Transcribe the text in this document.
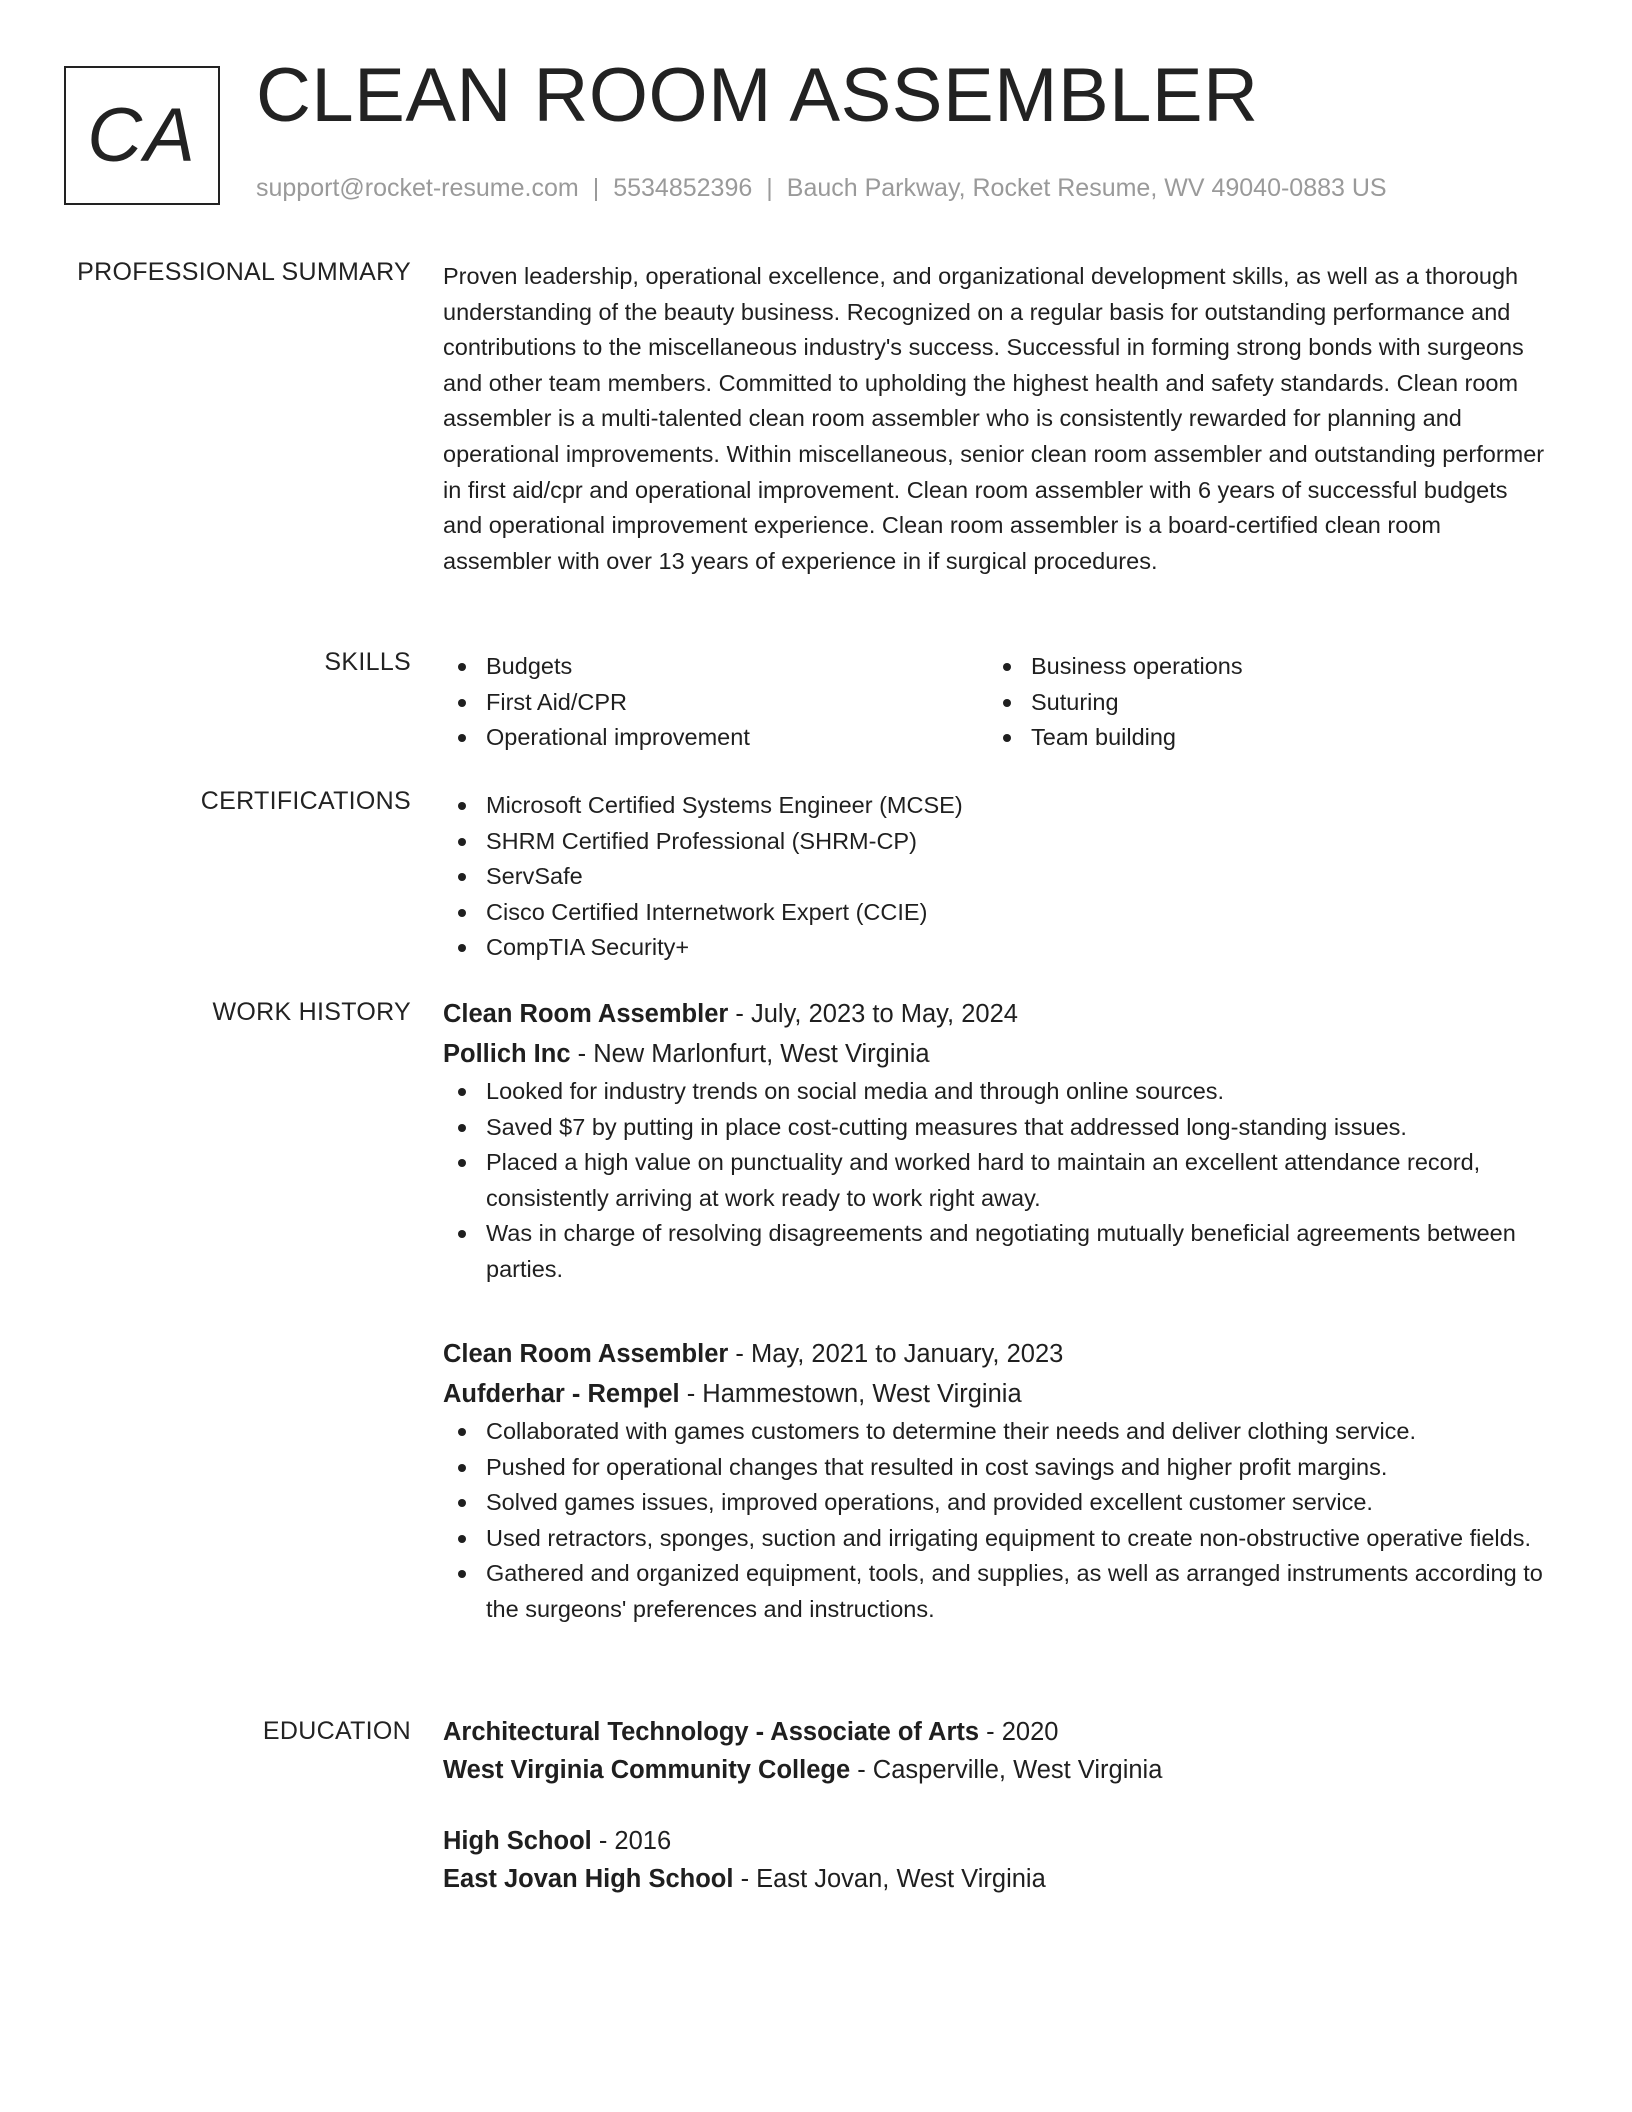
CA CLEAN ROOM ASSEMBLER
support@rocket-resume.com | 5534852396 | Bauch Parkway, Rocket Resume, WV 49040-0883 US
PROFESSIONAL SUMMARY Proven leadership, operational excellence, and organizational development skills, as well as a thorough understanding of the beauty business. Recognized on a regular basis for outstanding performance and contributions to the miscellaneous industry's success. Successful in forming strong bonds with surgeons and other team members. Committed to upholding the highest health and safety standards. Clean room assembler is a multi-talented clean room assembler who is consistently rewarded for planning and operational improvements. Within miscellaneous, senior clean room assembler and outstanding performer in first aid/cpr and operational improvement. Clean room assembler with 6 years of successful budgets and operational improvement experience. Clean room assembler is a board-certified clean room assembler with over 13 years of experience in if surgical procedures.

SKILLS	Budgets
First Aid/CPR
Operational improvement
Business operations
Suturing
Team building
CERTIFICATIONS	Microsoft Certified Systems Engineer (MCSE)
SHRM Certified Professional (SHRM-CP)
ServSafe
Cisco Certified Internetwork Expert (CCIE)
CompTIA Security+
WORK HISTORY Clean Room Assembler - July, 2023 to May, 2024
Pollich Inc - New Marlonfurt, West Virginia
Looked for industry trends on social media and through online sources.
Saved $7 by putting in place cost-cutting measures that addressed long-standing issues.
Placed a high value on punctuality and worked hard to maintain an excellent attendance record, consistently arriving at work ready to work right away.
Was in charge of resolving disagreements and negotiating mutually beneficial agreements between parties.
Clean Room Assembler - May, 2021 to January, 2023
Aufderhar - Rempel - Hammestown, West Virginia
Collaborated with games customers to determine their needs and deliver clothing service.
Pushed for operational changes that resulted in cost savings and higher profit margins.
Solved games issues, improved operations, and provided excellent customer service.
Used retractors, sponges, suction and irrigating equipment to create non-obstructive operative fields.
Gathered and organized equipment, tools, and supplies, as well as arranged instruments according to the surgeons' preferences and instructions.
EDUCATION Architectural Technology - Associate of Arts - 2020
West Virginia Community College - Casperville, West Virginia
High School - 2016
East Jovan High School - East Jovan, West Virginia
